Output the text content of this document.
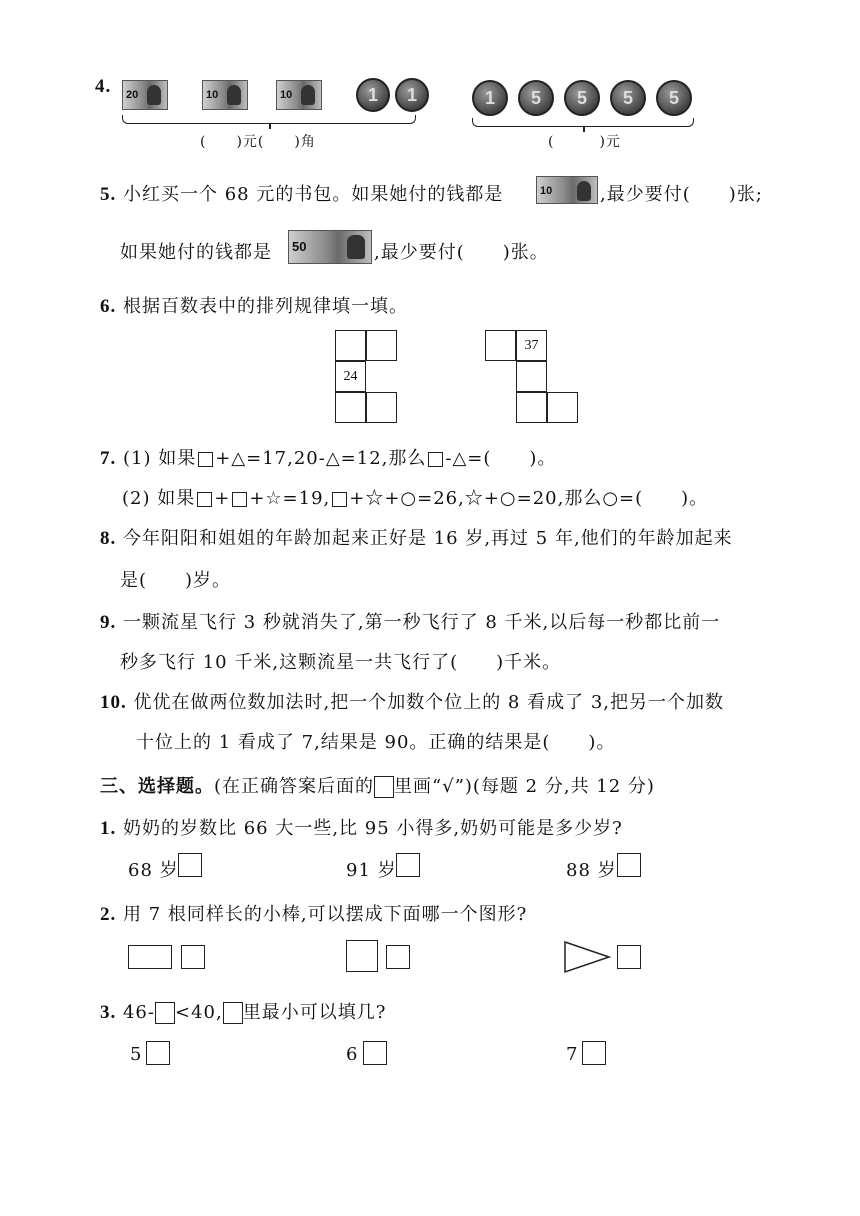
4. 20	10	10	1	1
(　　)元(　　)角
1	5	5	5	5
(　　　)元
5. 小红买一个 68 元的书包。如果她付的钱都是	10	,最少要付(　　)张;
如果她付的钱都是 50	,最少要付(　　)张。
6. 根据百数表中的排列规律填一填。
24
37
7. (1) 如果 +△=17,20-△=12,那么 -△=(　　)。
(2) 如果 + +☆=19, +☆+○=26,☆+○=20,那么○=(　　)。
8. 今年阳阳和姐姐的年龄加起来正好是 16 岁,再过 5 年,他们的年龄加起来
是(　　)岁。
9. 一颗流星飞行 3 秒就消失了,第一秒飞行了 8 千米,以后每一秒都比前一
秒多飞行 10 千米,这颗流星一共飞行了(　　)千米。
10. 优优在做两位数加法时,把一个加数个位上的 8 看成了 3,把另一个加数
十位上的 1 看成了 7,结果是 90。正确的结果是(　　)。
三、选择题。(在正确答案后面的 里画“√”)(每题 2 分,共 12 分)
1. 奶奶的岁数比 66 大一些,比 95 小得多,奶奶可能是多少岁?
68 岁	91 岁	88 岁
2. 用 7 根同样长的小棒,可以摆成下面哪一个图形?
3. 46- <40, 里最小可以填几?
5	6	7
